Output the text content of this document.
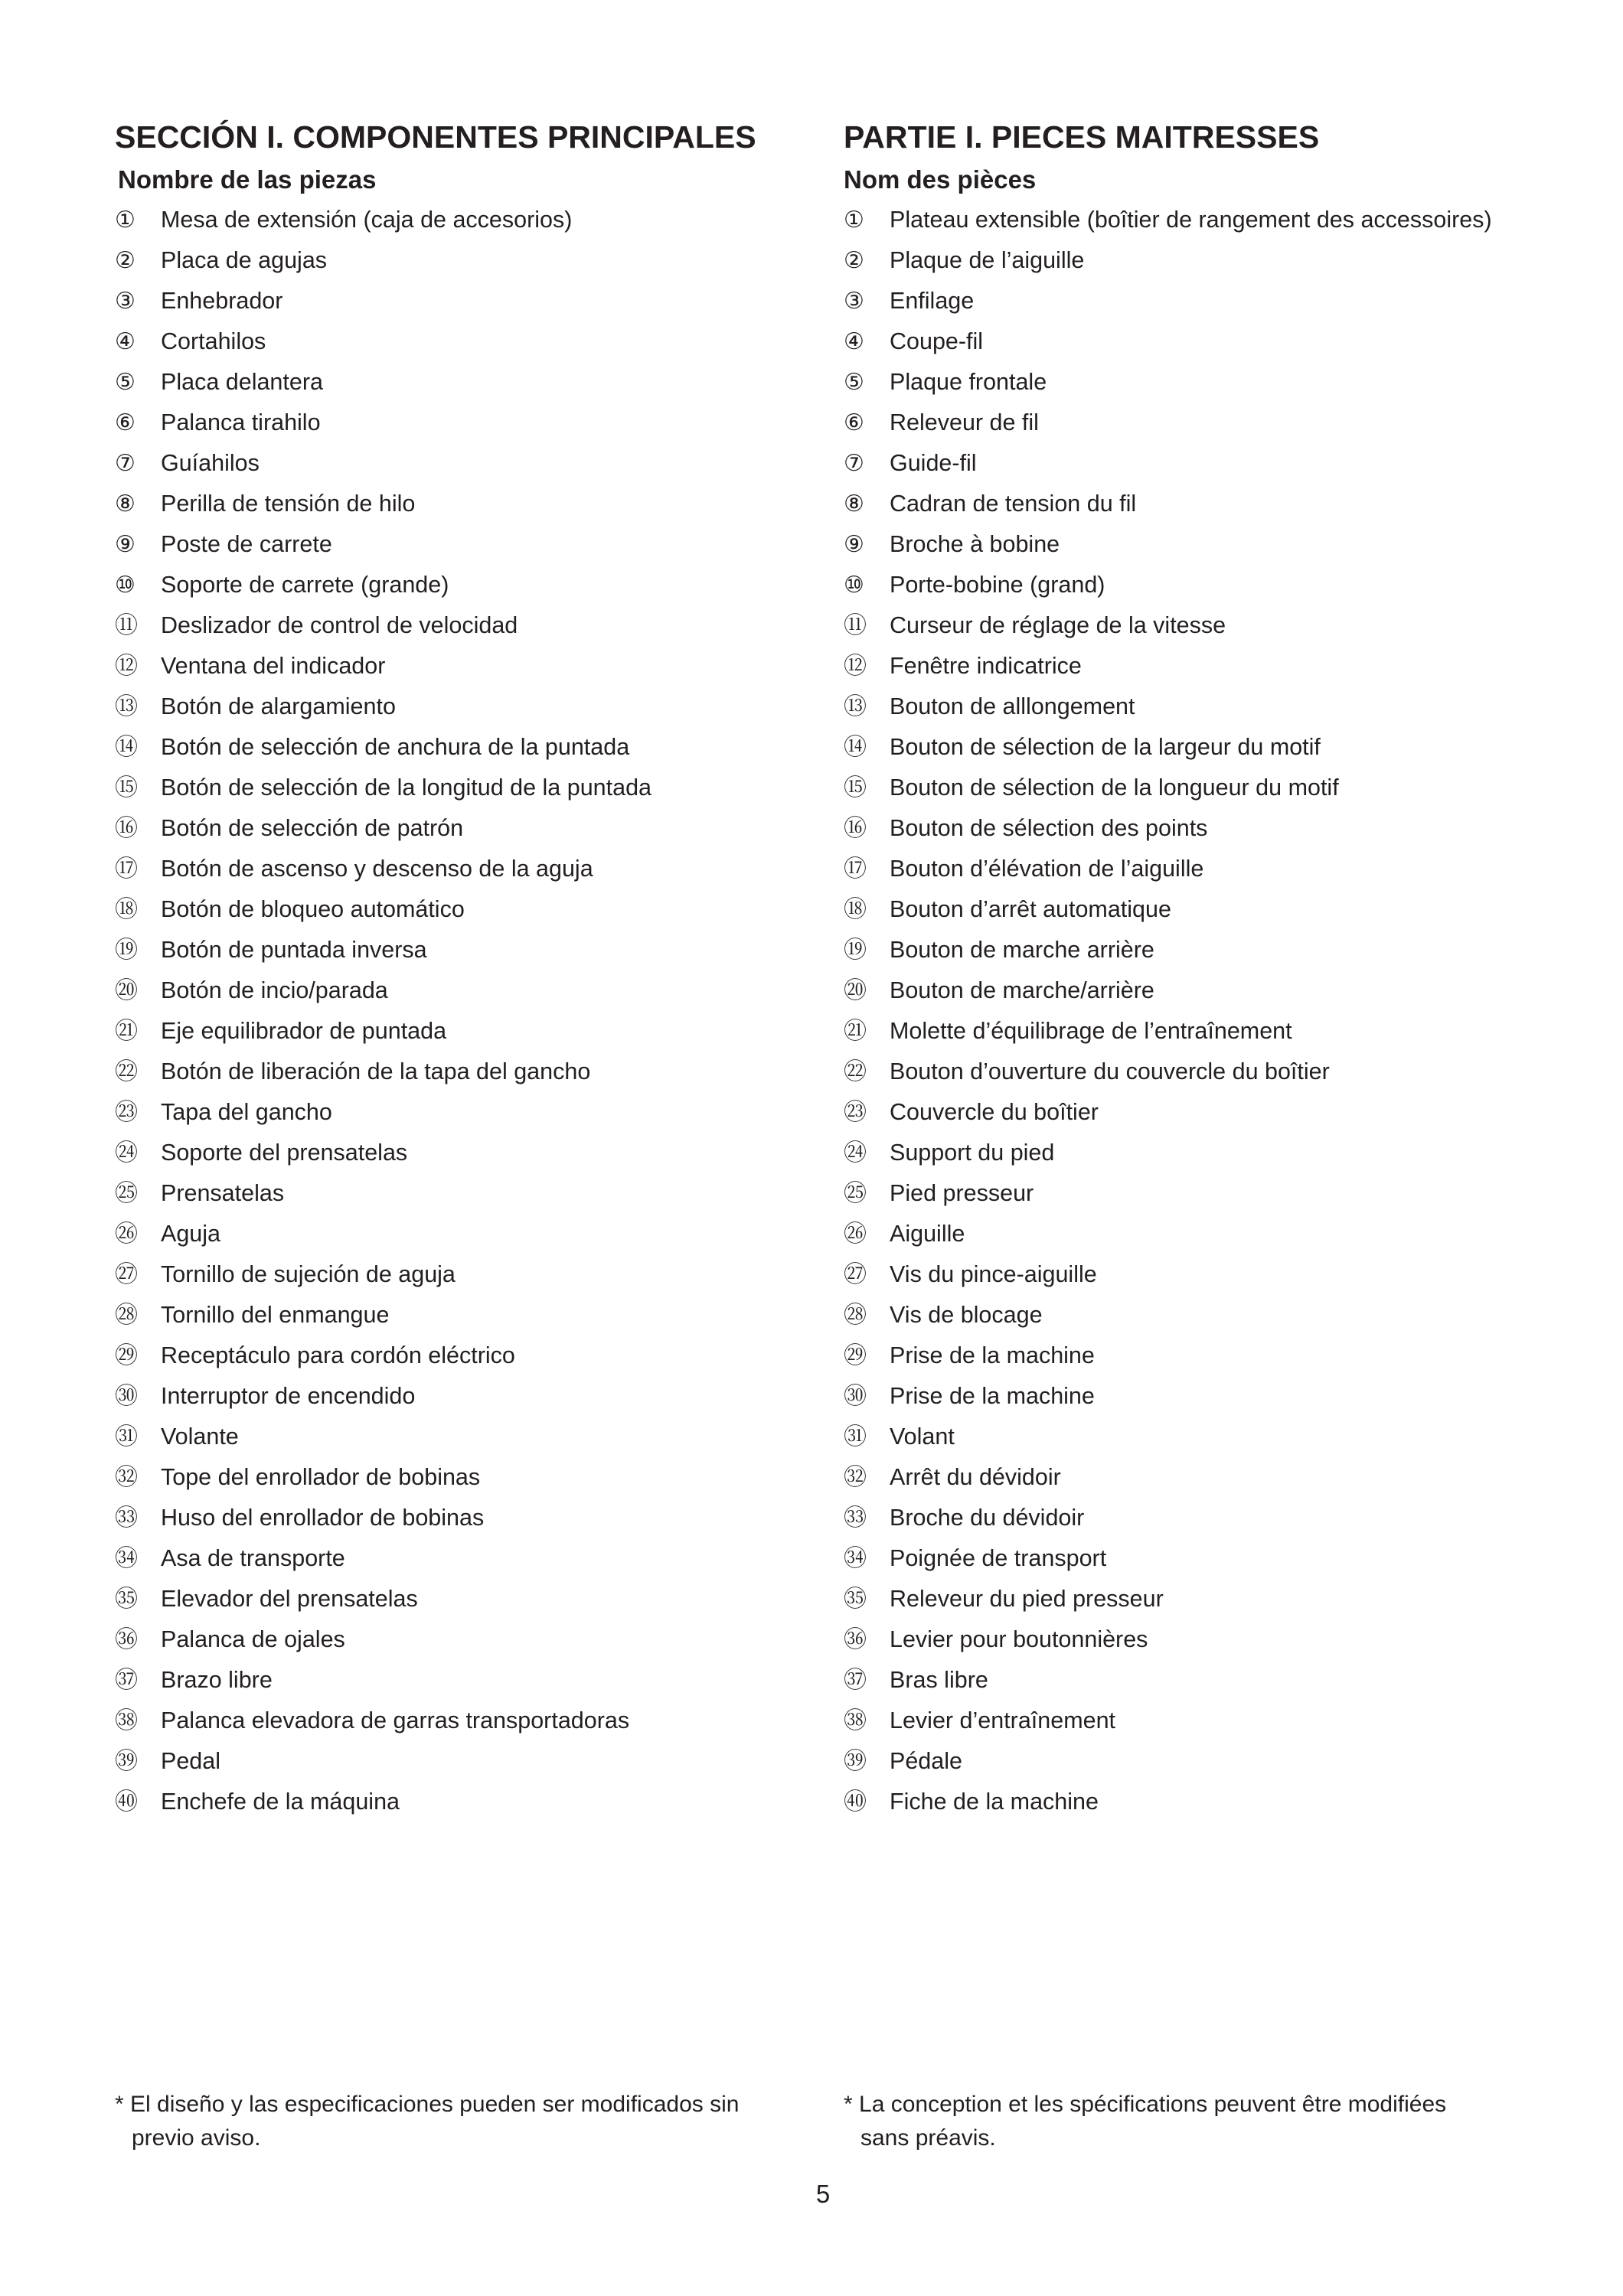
SECCIÓN I. COMPONENTES PRINCIPALES
Nombre de las piezas
①	Mesa de extensión (caja de accesorios)
②	Placa de agujas
③	Enhebrador
④	Cortahilos
⑤	Placa delantera
⑥	Palanca tirahilo
⑦	Guíahilos
⑧	Perilla de tensión de hilo
⑨	Poste de carrete
⑩	Soporte de carrete (grande)
⑪ Deslizador de control de velocidad
⑫ Ventana del indicador
⑬ Botón de alargamiento
⑭ Botón de selección de anchura de la puntada
⑮ Botón de selección de la longitud de la puntada
⑯ Botón de selección de patrón
⑰ Botón de ascenso y descenso de la aguja
⑱ Botón de bloqueo automático
⑲ Botón de puntada inversa
⑳ Botón de incio/parada
㉑ Eje equilibrador de puntada
㉒ Botón de liberación de la tapa del gancho
㉓ Tapa del gancho
㉔ Soporte del prensatelas
㉕ Prensatelas
㉖ Aguja
㉗ Tornillo de sujeción de aguja
㉘ Tornillo del enmangue
㉙ Receptáculo para cordón eléctrico
㉚ Interruptor de encendido
㉛ Volante
㉜ Tope del enrollador de bobinas
㉝ Huso del enrollador de bobinas
㉞ Asa de transporte
㉟ Elevador del prensatelas
㊱ Palanca de ojales
㊲ Brazo libre
㊳ Palanca elevadora de garras transportadoras
㊴ Pedal
㊵ Enchefe de la máquina
PARTIE I. PIECES MAITRESSES
Nom des pièces
①	Plateau extensible (boîtier de rangement des accessoires)
②	Plaque de l’aiguille
③	Enfilage
④	Coupe-fil
⑤	Plaque frontale
⑥	Releveur de fil
⑦	Guide-fil
⑧	Cadran de tension du fil
⑨	Broche à bobine
⑩	Porte-bobine (grand)
⑪ Curseur de réglage de la vitesse
⑫ Fenêtre indicatrice
⑬ Bouton de alllongement
⑭ Bouton de sélection de la largeur du motif
⑮ Bouton de sélection de la longueur du motif
⑯ Bouton de sélection des points
⑰ Bouton d’élévation de l’aiguille
⑱ Bouton d’arrêt automatique
⑲ Bouton de marche arrière
⑳ Bouton de marche/arrière
㉑ Molette d’équilibrage de l’entraînement
㉒ Bouton d’ouverture du couvercle du boîtier
㉓ Couvercle du boîtier
㉔ Support du pied
㉕ Pied presseur
㉖ Aiguille
㉗ Vis du pince-aiguille
㉘ Vis de blocage
㉙ Prise de la machine
㉚ Prise de la machine
㉛ Volant
㉜ Arrêt du dévidoir
㉝ Broche du dévidoir
㉞ Poignée de transport
㉟ Releveur du pied presseur
㊱ Levier pour boutonnières
㊲ Bras libre
㊳ Levier d’entraînement
㊴ Pédale
㊵ Fiche de la machine

* El diseño y las especificaciones pueden ser modificados sin
previo aviso.

* La conception et les spécifications peuvent être modifiées
sans préavis.

5
